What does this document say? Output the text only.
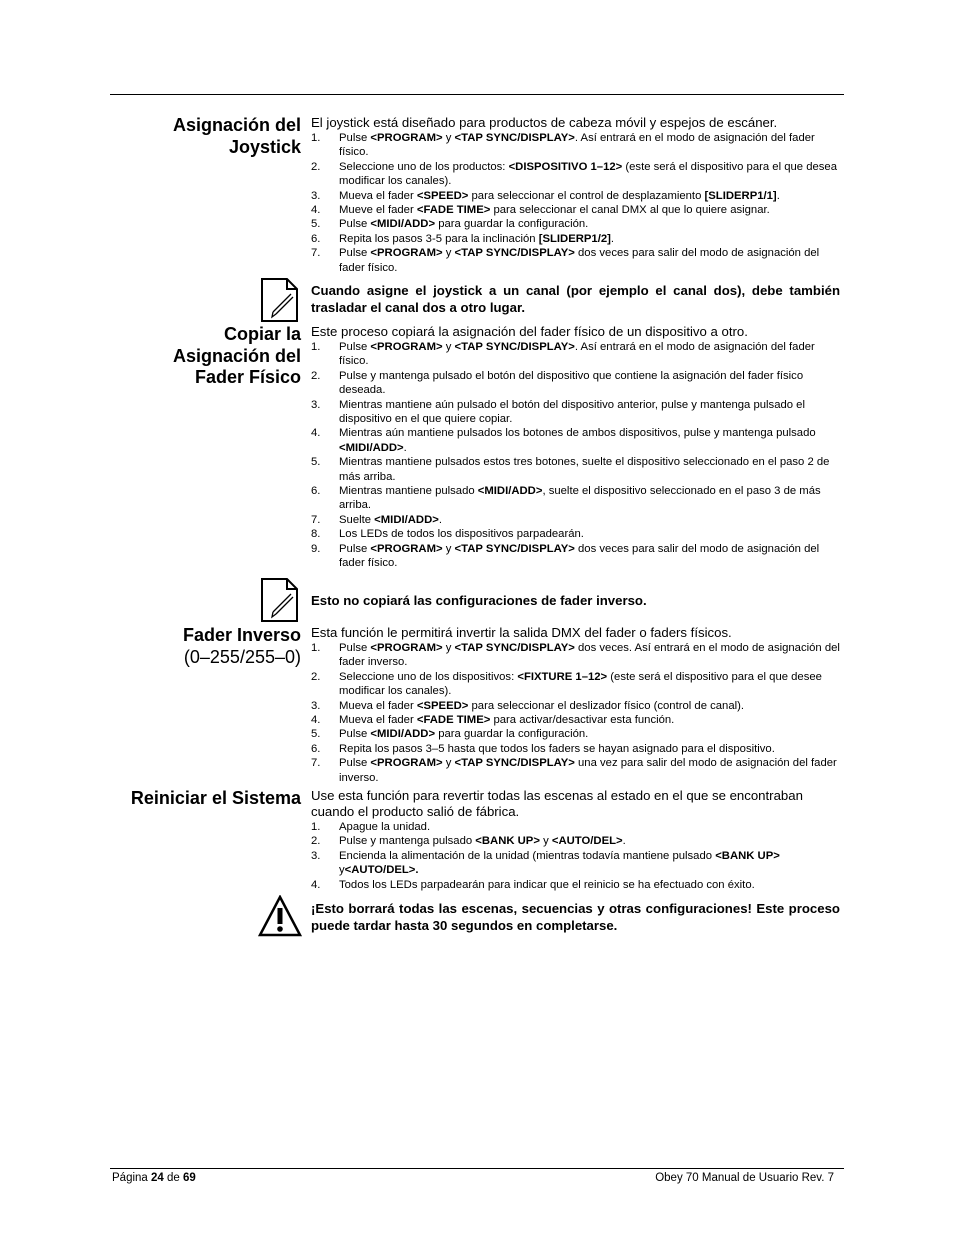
Asignación del
Joystick

El joystick está diseñado para productos de cabeza móvil y espejos de escáner.

1. Pulse <PROGRAM> y <TAP SYNC/DISPLAY>. Así entrará en el modo de asignación del fader físico.
2. Seleccione uno de los productos: <DISPOSITIVO 1–12> (este será el dispositivo para el que desea modificar los canales).
3. Mueva el fader <SPEED> para seleccionar el control de desplazamiento [SLIDERP1/1].
4. Mueve el fader <FADE TIME> para seleccionar el canal DMX al que lo quiere asignar.
5. Pulse <MIDI/ADD> para guardar la configuración.
6. Repita los pasos 3-5 para la inclinación [SLIDERP1/2].
7. Pulse <PROGRAM> y <TAP SYNC/DISPLAY> dos veces para salir del modo de asignación del fader físico.

Cuando asigne el joystick a un canal (por ejemplo el canal dos), debe también trasladar el canal dos a otro lugar.

Copiar la
Asignación del
Fader Físico

Este proceso copiará la asignación del fader físico de un dispositivo a otro.

1. Pulse <PROGRAM> y <TAP SYNC/DISPLAY>. Así entrará en el modo de asignación del fader físico.
2. Pulse y mantenga pulsado el botón del dispositivo que contiene la asignación del fader físico deseada.
3. Mientras mantiene aún pulsado el botón del dispositivo anterior, pulse y mantenga pulsado el dispositivo en el que quiere copiar.
4. Mientras aún mantiene pulsados los botones de ambos dispositivos, pulse y mantenga pulsado <MIDI/ADD>.
5. Mientras mantiene pulsados estos tres botones, suelte el dispositivo seleccionado en el paso 2 de más arriba.
6. Mientras mantiene pulsado <MIDI/ADD>, suelte el dispositivo seleccionado en el paso 3 de más arriba.
7. Suelte <MIDI/ADD>.
8. Los LEDs de todos los dispositivos parpadearán.
9. Pulse <PROGRAM> y <TAP SYNC/DISPLAY> dos veces para salir del modo de asignación del fader físico.

Esto no copiará las configuraciones de fader inverso.

Fader Inverso
(0–255/255–0)

Esta función le permitirá invertir la salida DMX del fader o faders físicos.

1. Pulse <PROGRAM> y <TAP SYNC/DISPLAY> dos veces. Así entrará en el modo de asignación del fader inverso.
2. Seleccione uno de los dispositivos: <FIXTURE 1–12> (este será el dispositivo para el que desee modificar los canales).
3. Mueva el fader <SPEED> para seleccionar el deslizador físico (control de canal).
4. Mueva el fader <FADE TIME> para activar/desactivar esta función.
5. Pulse <MIDI/ADD> para guardar la configuración.
6. Repita los pasos 3–5 hasta que todos los faders se hayan asignado para el dispositivo.
7. Pulse <PROGRAM> y <TAP SYNC/DISPLAY> una vez para salir del modo de asignación del fader inverso.
Reiniciar el Sistema Use esta función para revertir todas las escenas al estado en el que se encontraban cuando el producto salió de fábrica.

1. Apague la unidad.
2. Pulse y mantenga pulsado <BANK UP> y <AUTO/DEL>.
3. Encienda la alimentación de la unidad (mientras todavía mantiene pulsado <BANK UP> y<AUTO/DEL>.
4. Todos los LEDs parpadearán para indicar que el reinicio se ha efectuado con éxito.

¡Esto borrará todas las escenas, secuencias y otras configuraciones! Este proceso puede tardar hasta 30 segundos en completarse.

Página 24 de 69	Obey 70 Manual de Usuario Rev. 7
